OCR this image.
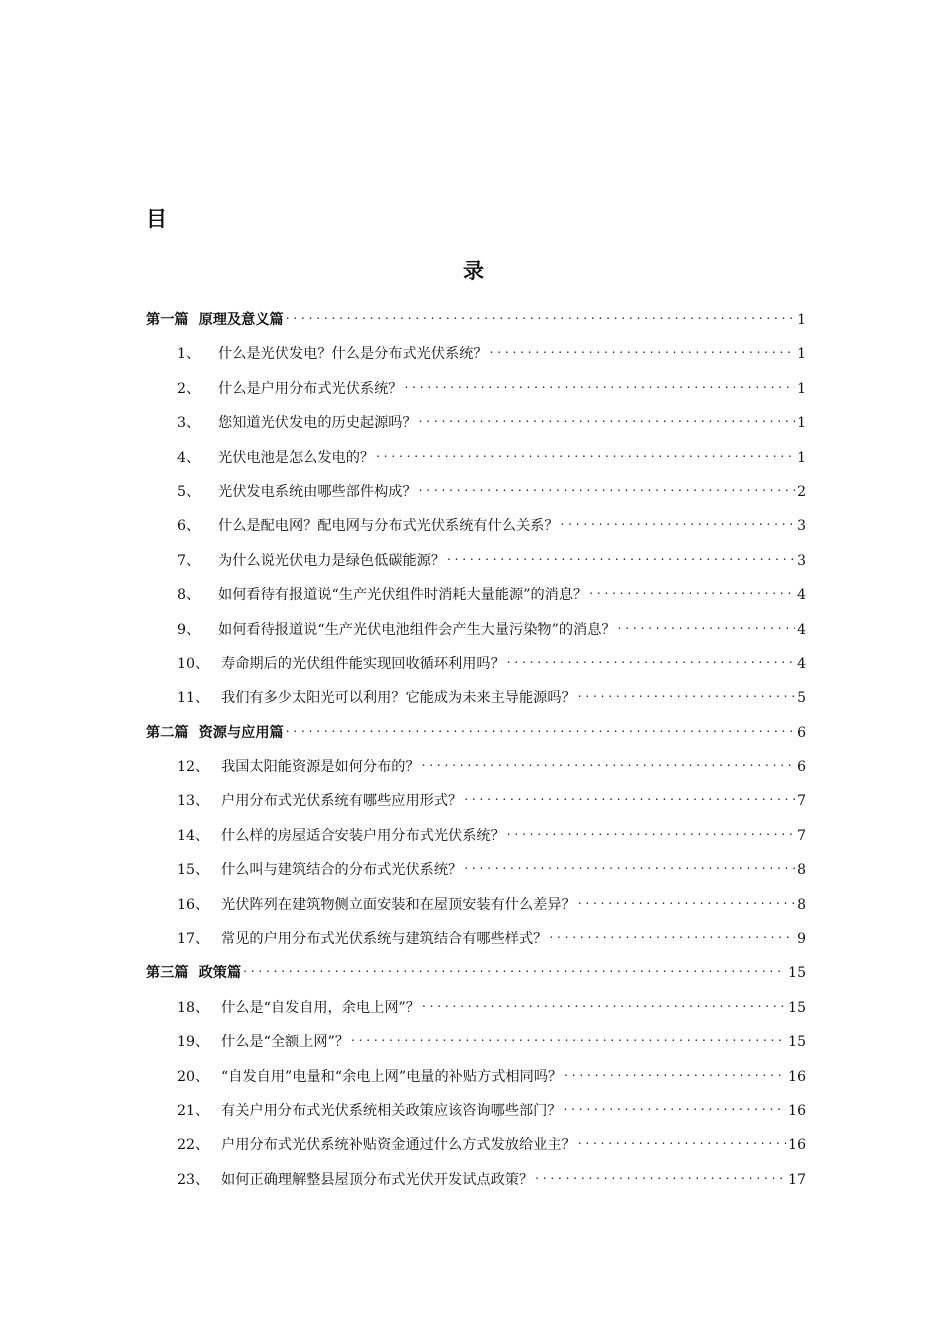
目
录
第一篇 原理及意义篇 . . .	1
1、	什么是光伏发电？什么是分布式光伏系统？ . . .	1
2、	什么是户用分布式光伏系统？ . . .	1
3、	您知道光伏发电的历史起源吗？ . . .	1
4、	光伏电池是怎么发电的？ . . .	1
5、	光伏发电系统由哪些部件构成？ . . .	2
6、	什么是配电网？配电网与分布式光伏系统有什么关系？ . . .	3
7、	为什么说光伏电力是绿色低碳能源？ . . .	3
8、	如何看待有报道说“生产光伏组件时消耗大量能源”的消息？ . . .	4
9、	如何看待报道说“生产光伏电池组件会产生大量污染物”的消息？ . . .	4
10、 寿命期后的光伏组件能实现回收循环利用吗？ . . .	4
11、 我们有多少太阳光可以利用？它能成为未来主导能源吗？ . . .	5
第二篇 资源与应用篇 . . .	6
12、 我国太阳能资源是如何分布的？ . . .	6
13、 户用分布式光伏系统有哪些应用形式？ . . .	7
14、 什么样的房屋适合安装户用分布式光伏系统？ . . .	7
15、 什么叫与建筑结合的分布式光伏系统？ . . .	8
16、 光伏阵列在建筑物侧立面安装和在屋顶安装有什么差异？ . . .	8
17、 常见的户用分布式光伏系统与建筑结合有哪些样式？ . . .	9
第三篇 政策篇 . . .	15
18、 什么是“自发自用，余电上网”？ . . .	15
19、 什么是“全额上网”？ . . .	15
20、 “自发自用”电量和“余电上网”电量的补贴方式相同吗？ . . .	16
21、 有关户用分布式光伏系统相关政策应该咨询哪些部门？ . . .	16
22、 户用分布式光伏系统补贴资金通过什么方式发放给业主？ . . .	16
23、 如何正确理解整县屋顶分布式光伏开发试点政策？ . . .	17
